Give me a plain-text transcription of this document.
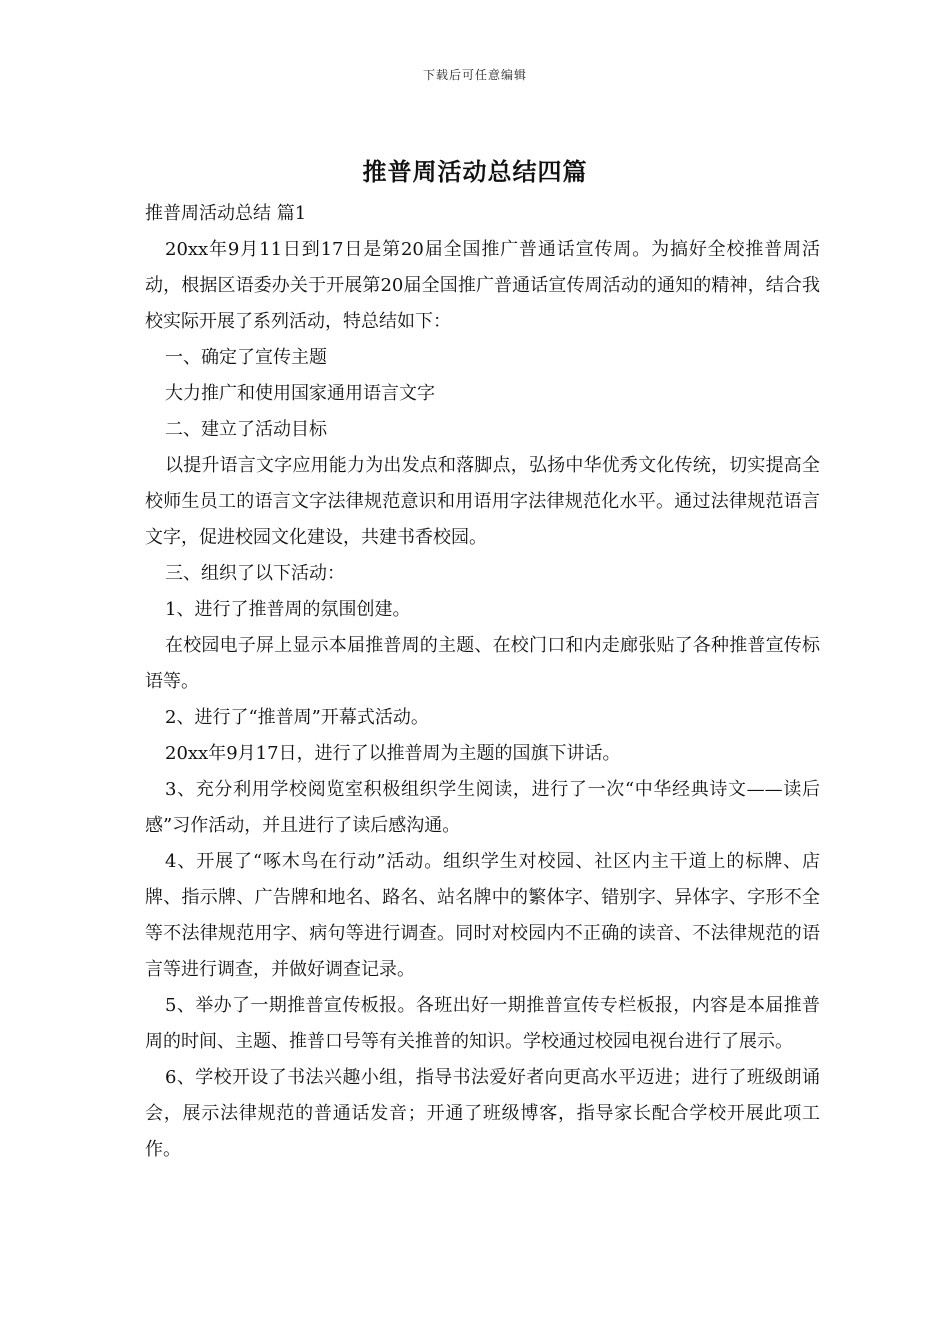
下载后可任意编辑
推普周活动总结四篇

推普周活动总结 篇1

20xx年9月11日到17日是第20届全国推广普通话宣传周。为搞好全校推普周活动，根据区语委办关于开展第20届全国推广普通话宣传周活动的通知的精神，结合我校实际开展了系列活动，特总结如下：

一、确定了宣传主题

大力推广和使用国家通用语言文字

二、建立了活动目标

以提升语言文字应用能力为出发点和落脚点，弘扬中华优秀文化传统，切实提高全校师生员工的语言文字法律规范意识和用语用字法律规范化水平。通过法律规范语言文字，促进校园文化建设，共建书香校园。

三、组织了以下活动：

1、进行了推普周的氛围创建。

在校园电子屏上显示本届推普周的主题、在校门口和内走廊张贴了各种推普宣传标语等。

2、进行了“推普周”开幕式活动。

20xx年9月17日，进行了以推普周为主题的国旗下讲话。

3、充分利用学校阅览室积极组织学生阅读，进行了一次“中华经典诗文——读后感”习作活动，并且进行了读后感沟通。

4、开展了“啄木鸟在行动”活动。组织学生对校园、社区内主干道上的标牌、店牌、指示牌、广告牌和地名、路名、站名牌中的繁体字、错别字、异体字、字形不全等不法律规范用字、病句等进行调查。同时对校园内不正确的读音、不法律规范的语言等进行调查，并做好调查记录。

5、举办了一期推普宣传板报。各班出好一期推普宣传专栏板报，内容是本届推普周的时间、主题、推普口号等有关推普的知识。学校通过校园电视台进行了展示。

6、学校开设了书法兴趣小组，指导书法爱好者向更高水平迈进；进行了班级朗诵会，展示法律规范的普通话发音；开通了班级博客，指导家长配合学校开展此项工作。
